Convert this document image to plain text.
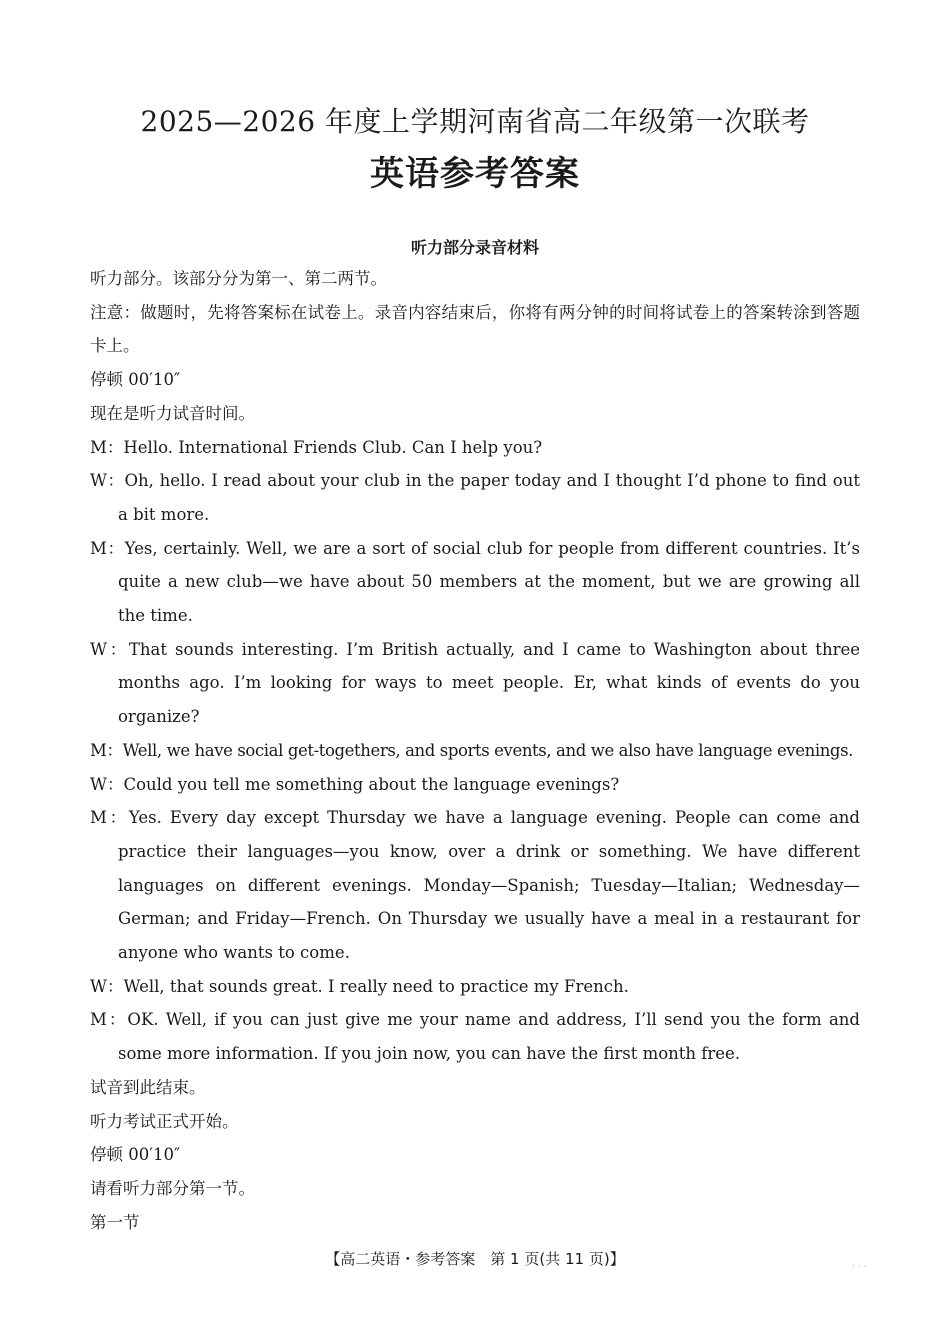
2025—2026 年度上学期河南省高二年级第一次联考
英语参考答案
听力部分录音材料

听力部分。该部分分为第一、第二两节。

注意：做题时，先将答案标在试卷上。录音内容结束后，你将有两分钟的时间将试卷上的答案转涂到答题卡上。

停顿 00′10″

现在是听力试音时间。

M：Hello. International Friends Club. Can I help you?

W：Oh, hello. I read about your club in the paper today and I thought I’d phone to find out a bit more.

M：Yes, certainly. Well, we are a sort of social club for people from different countries. It’s quite a new club—we have about 50 members at the moment, but we are growing all the time.

W：That sounds interesting. I’m British actually, and I came to Washington about three months ago. I’m looking for ways to meet people. Er, what kinds of events do you organize?

M：Well, we have social get-togethers, and sports events, and we also have language evenings.

W：Could you tell me something about the language evenings?

M：Yes. Every day except Thursday we have a language evening. People can come and practice their languages—you know, over a drink or something. We have different languages on different evenings. Monday—Spanish; Tuesday—Italian; Wednesday—German; and Friday—French. On Thursday we usually have a meal in a restaurant for anyone who wants to come.

W：Well, that sounds great. I really need to practice my French.

M：OK. Well, if you can just give me your name and address, I’ll send you the form and some more information. If you join now, you can have the first month free.

试音到此结束。

听力考试正式开始。

停顿 00′10″

请看听力部分第一节。

第一节

【高二英语・参考答案　第 1 页(共 11 页)】	· · ·
